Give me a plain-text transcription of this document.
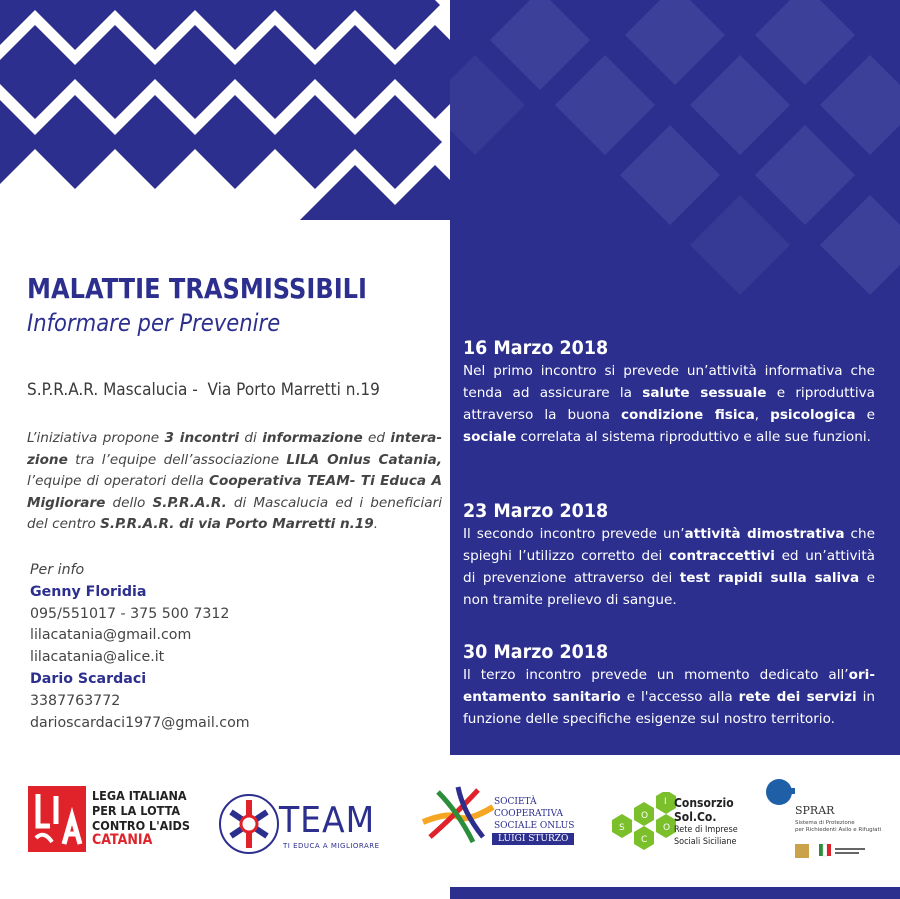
MALATTIE TRASMISSIBILI
Informare per Prevenire
S.P.R.A.R. Mascalucia -  Via Porto Marretti n.19
L’iniziativa propone 3 incontri di informazione ed intera-zione tra l’equipe dell’associazione LILA Onlus Catania, l’equipe di operatori della Cooperativa TEAM- Ti Educa A Migliorare dello S.P.R.A.R. di Mascalucia ed i beneficiari del centro S.P.R.A.R. di via Porto Marretti n.19.
Per info
Genny Floridia
095/551017 - 375 500 7312
lilacatania@gmail.com
lilacatania@alice.it
Dario Scardaci
3387763772
darioscardaci1977@gmail.com
16 Marzo 2018

Nel primo incontro si prevede un’attività informativa che tenda ad assicurare la salute sessuale e riproduttiva attraverso la buona condizione fisica, psicologica e sociale correlata al sistema riproduttivo e alle sue funzioni.

23 Marzo 2018

Il secondo incontro prevede un’attività dimostrativa che spieghi l’utilizzo corretto dei contraccettivi ed un’attività di prevenzione attraverso dei test rapidi sulla saliva e non tramite prelievo di sangue.

30 Marzo 2018

Il terzo incontro prevede un momento dedicato all’ori-entamento sanitario e l'accesso alla rete dei servizi in funzione delle specifiche esigenze sul nostro territorio.

LEGA ITALIANA
PER LA LOTTA
CONTRO L'AIDS
CATANIA	TEAM
TI EDUCA A MIGLIORARE
SOCIETÀ
COOPERATIVA
SOCIALE ONLUS
LUIGI STURZO
S
O
C
I
O
Consorzio
Sol.Co.
Rete di Imprese
Sociali Siciliane
SPRAR
Sistema di Protezione
per Richiedenti Asilo e Rifugiati
